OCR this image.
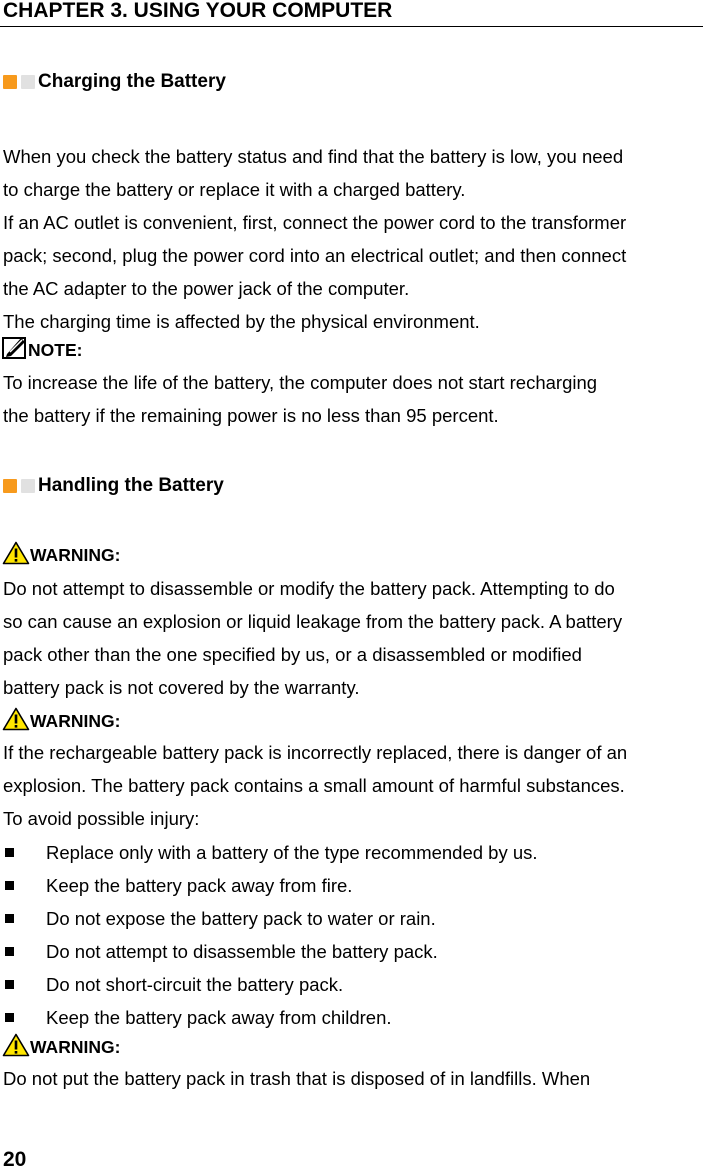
CHAPTER 3. USING YOUR COMPUTER
Charging the Battery
When you check the battery status and find that the battery is low, you need
to charge the battery or replace it with a charged battery.
If an AC outlet is convenient, first, connect the power cord to the transformer
pack; second, plug the power cord into an electrical outlet; and then connect
the AC adapter to the power jack of the computer.
The charging time is affected by the physical environment.
NOTE:
To increase the life of the battery, the computer does not start recharging
the battery if the remaining power is no less than 95 percent.
Handling the Battery
WARNING:
Do not attempt to disassemble or modify the battery pack. Attempting to do
so can cause an explosion or liquid leakage from the battery pack. A battery
pack other than the one specified by us, or a disassembled or modified
battery pack is not covered by the warranty.
WARNING:
If the rechargeable battery pack is incorrectly replaced, there is danger of an
explosion. The battery pack contains a small amount of harmful substances.
To avoid possible injury:
Replace only with a battery of the type recommended by us.
Keep the battery pack away from fire.
Do not expose the battery pack to water or rain.
Do not attempt to disassemble the battery pack.
Do not short-circuit the battery pack.
Keep the battery pack away from children.
WARNING:
Do not put the battery pack in trash that is disposed of in landfills. When
20
